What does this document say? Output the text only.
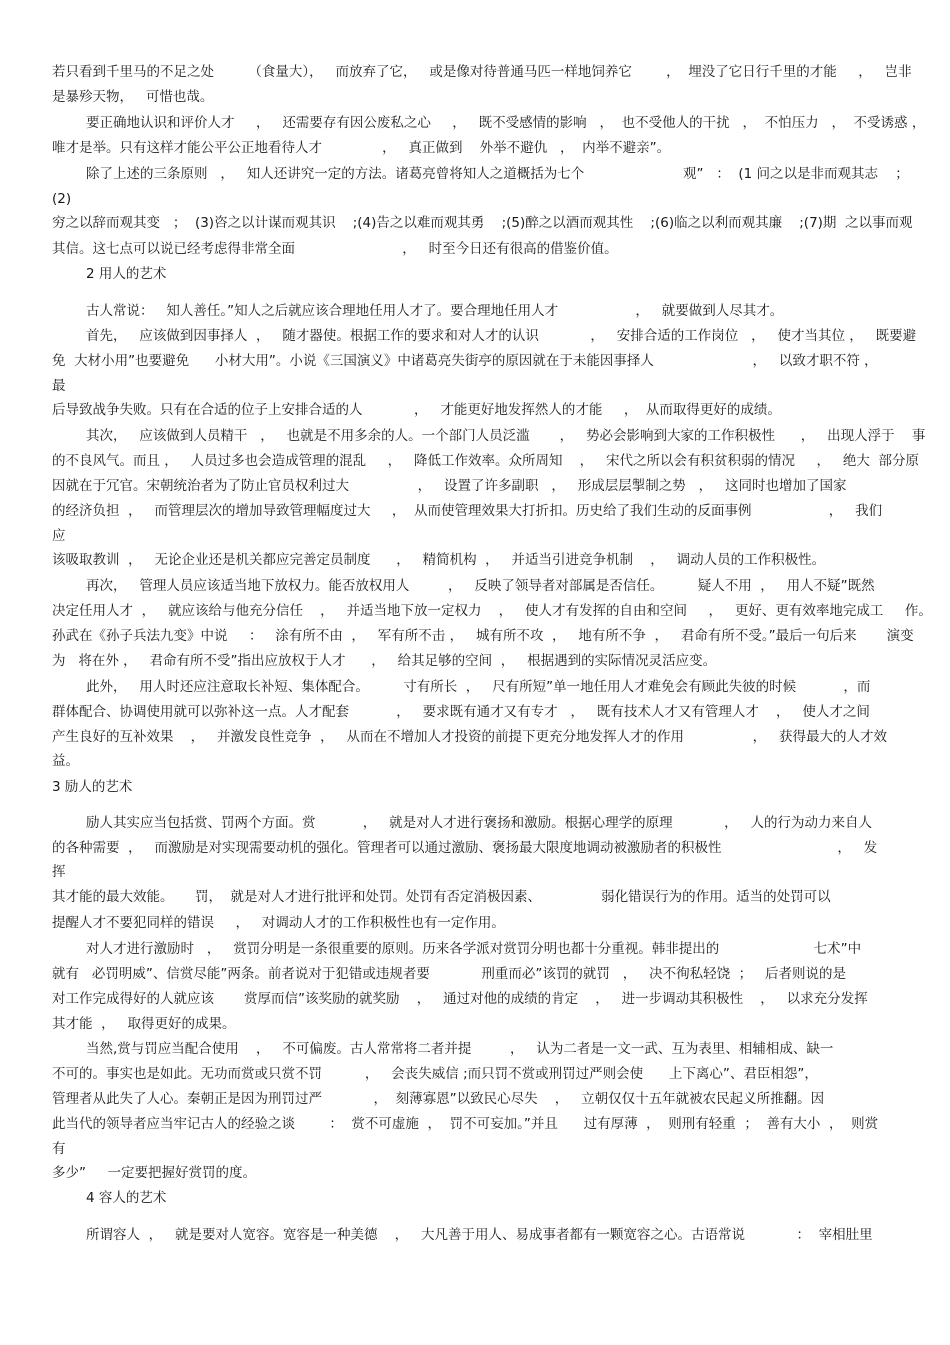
若只看到千里马的不足之处        （食量大），   而放弃了它，   或是像对待普通马匹一样地饲养它        ，  埋没了它日行千里的才能     ，   岂非
是暴殄天物，   可惜也哉。
要正确地认识和评价人才     ，   还需要存有因公废私之心     ，   既不受感情的影响   ，  也不受他人的干扰   ，  不怕压力   ，  不受诱惑 ，
唯才是举。只有这样才能公平公正地看待人才              ，   真正做到    外举不避仇   ，  内举不避亲”。
除了上述的三条原则   ，   知人还讲究一定的方法。诸葛亮曾将知人之道概括为七个                       观”   ：  (1 问之以是非而观其志    ；
(2)
穷之以辞而观其变   ；  (3)咨之以计谋而观其识    ;(4)告之以难而观其勇    ;(5)醉之以酒而观其性    ;(6)临之以利而观其廉    ;(7)期  之以事而观
其信。这七点可以说已经考虑得非常全面                         ，   时至今日还有很高的借鉴价值。
2 用人的艺术
古人常说：   知人善任。”知人之后就应该合理地任用人才了。要合理地任用人才                  ，   就要做到人尽其才。
首先，   应该做到因事择人  ，   随才器使。根据工作的要求和对人才的认识            ，   安排合适的工作岗位   ，   使才当其位 ，   既要避
免  大材小用”也要避免      小材大用”。小说《三国演义》中诸葛亮失街亭的原因就在于未能因事择人                       ，   以致才职不符 ，
最
后导致战争失败。只有在合适的位子上安排合适的人            ，   才能更好地发挥然人的才能     ，  从而取得更好的成绩。
其次，   应该做到人员精干   ，   也就是不用多余的人。一个部门人员泛滥       ，   势必会影响到大家的工作积极性      ，   出现人浮于    事
的不良风气。而且 ，   人员过多也会造成管理的混乱     ，   降低工作效率。众所周知    ，   宋代之所以会有积贫积弱的情况     ，   绝大  部分原
因就在于冗官。宋朝统治者为了防止官员权利过大                ，   设置了许多副职   ，   形成层层掣制之势   ，   这同时也增加了国家
的经济负担  ，   而管理层次的增加导致管理幅度过大     ，  从而使管理效果大打折扣。历史给了我们生动的反面事例                  ，   我们
应
该吸取教训  ，   无论企业还是机关都应完善定员制度      ，   精简机构  ，   并适当引进竞争机制    ，   调动人员的工作积极性。
再次，   管理人员应该适当地下放权力。能否放权用人         ，   反映了领导者对部属是否信任。        疑人不用  ，   用人不疑”既然
决定任用人才  ，   就应该给与他充分信任    ，   并适当地下放一定权力    ，   使人才有发挥的自由和空间     ，   更好、更有效率地完成工     作。
孙武在《孙子兵法九变》中说     ：   涂有所不由  ，   军有所不击 ，   城有所不攻  ，   地有所不争  ，   君命有所不受。”最后一句后来       演变
为   将在外 ，   君命有所不受”指出应放权于人才      ，   给其足够的空间  ，   根据遇到的实际情况灵活应变。
此外，   用人时还应注意取长补短、集体配合。        寸有所长  ，   尺有所短”单一地任用人才难免会有顾此失彼的时候           ，而
群体配合、协调使用就可以弥补这一点。人才配套           ，   要求既有通才又有专才   ，   既有技术人才又有管理人才    ，   使人才之间
产生良好的互补效果    ，   并激发良性竞争  ，   从而在不增加人才投资的前提下更充分地发挥人才的作用                ，   获得最大的人才效
益。
3 励人的艺术
励人其实应当包括赏、罚两个方面。赏           ，   就是对人才进行褒扬和激励。根据心理学的原理            ，   人的行为动力来自人
的各种需要  ，   而激励是对实现需要动机的强化。管理者可以通过激励、褒扬最大限度地调动被激励者的积极性                           ，   发
挥
其才能的最大效能。     罚，  就是对人才进行批评和处罚。处罚有否定消极因素、              弱化错误行为的作用。适当的处罚可以
提醒人才不要犯同样的错误     ，   对调动人才的工作积极性也有一定作用。
对人才进行激励时   ，   赏罚分明是一条很重要的原则。历来各学派对赏罚分明也都十分重视。韩非提出的                      七术”中
就有   必罚明威”、信赏尽能”两条。前者说对于犯错或违规者要            刑重而必”该罚的就罚   ，   决不徇私轻饶  ；   后者则说的是
对工作完成得好的人就应该       赏厚而信”该奖励的就奖励    ，   通过对他的成绩的肯定    ，   进一步调动其积极性    ，   以求充分发挥
其才能  ，   取得更好的成果。
当然,赏与罚应当配合使用    ，   不可偏废。古人常常将二者并提         ，   认为二者是一文一武、互为表里、相辅相成、缺一
不可的。事实也是如此。无功而赏或只赏不罚          ，   会丧失威信 ;而只罚不赏或刑罚过严则会使      上下离心”、君臣相怨”，
管理者从此失了人心。秦朝正是因为刑罚过严            ，  刻薄寡恩”以致民心尽失    ，   立朝仅仅十五年就被农民起义所推翻。因
此当代的领导者应当牢记古人的经验之谈        ：  赏不可虚施  ，  罚不可妄加。”并且      过有厚薄  ，  则刑有轻重  ；  善有大小  ，  则赏
有
多少”     一定要把握好赏罚的度。
4 容人的艺术
所谓容人  ，   就是要对人宽容。宽容是一种美德    ，   大凡善于用人、易成事者都有一颗宽容之心。古语常说            ：  宰相肚里
